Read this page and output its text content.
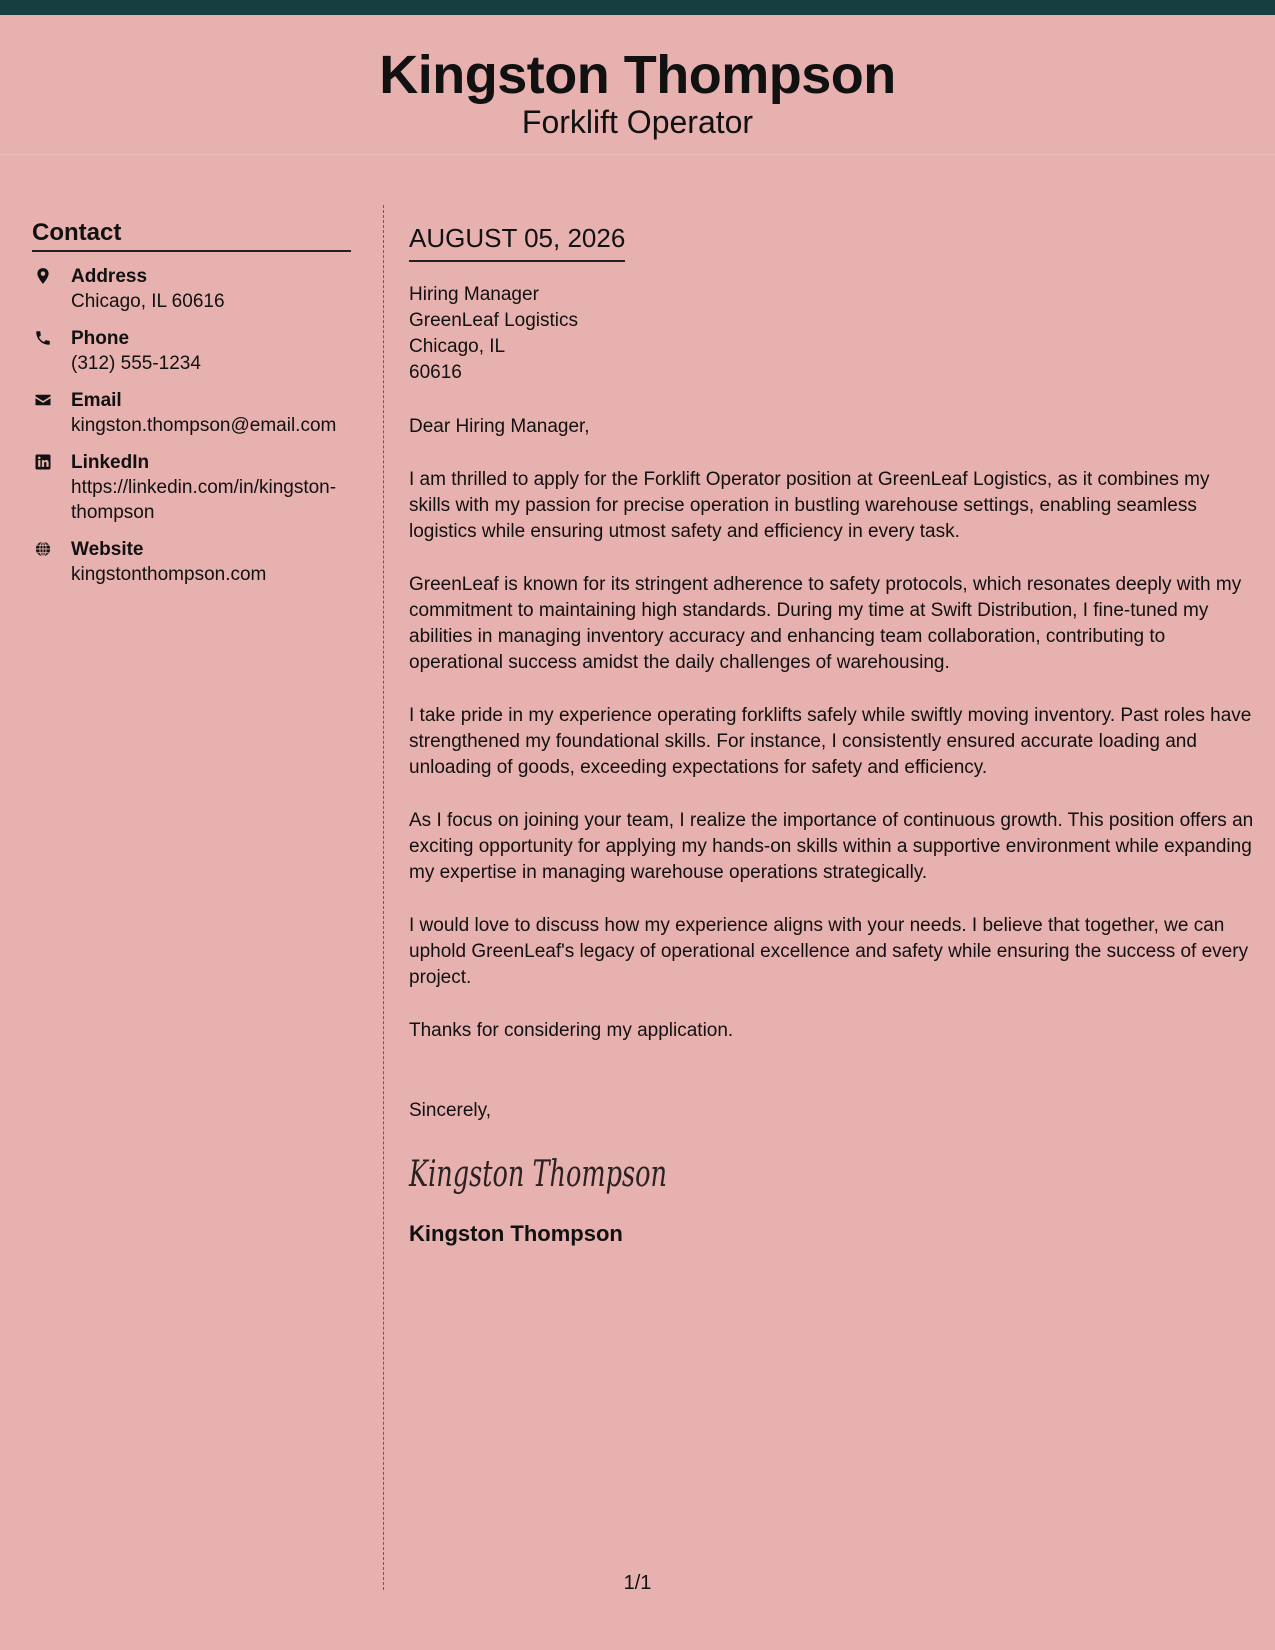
Kingston Thompson
Forklift Operator
Contact
Address
Chicago, IL 60616
Phone
(312) 555-1234
Email
kingston.thompson@email.com
LinkedIn
https://linkedin.com/in/kingston-thompson
Website
kingstonthompson.com
AUGUST 05, 2026
Hiring Manager
GreenLeaf Logistics
Chicago, IL
60616
Dear Hiring Manager,
I am thrilled to apply for the Forklift Operator position at GreenLeaf Logistics, as it combines my skills with my passion for precise operation in bustling warehouse settings, enabling seamless logistics while ensuring utmost safety and efficiency in every task.
GreenLeaf is known for its stringent adherence to safety protocols, which resonates deeply with my commitment to maintaining high standards. During my time at Swift Distribution, I fine-tuned my abilities in managing inventory accuracy and enhancing team collaboration, contributing to operational success amidst the daily challenges of warehousing.
I take pride in my experience operating forklifts safely while swiftly moving inventory. Past roles have strengthened my foundational skills. For instance, I consistently ensured accurate loading and unloading of goods, exceeding expectations for safety and efficiency.
As I focus on joining your team, I realize the importance of continuous growth. This position offers an exciting opportunity for applying my hands-on skills within a supportive environment while expanding my expertise in managing warehouse operations strategically.
I would love to discuss how my experience aligns with your needs. I believe that together, we can uphold GreenLeaf's legacy of operational excellence and safety while ensuring the success of every project.
Thanks for considering my application.
Sincerely,
Kingston Thompson
Kingston Thompson
1/1
